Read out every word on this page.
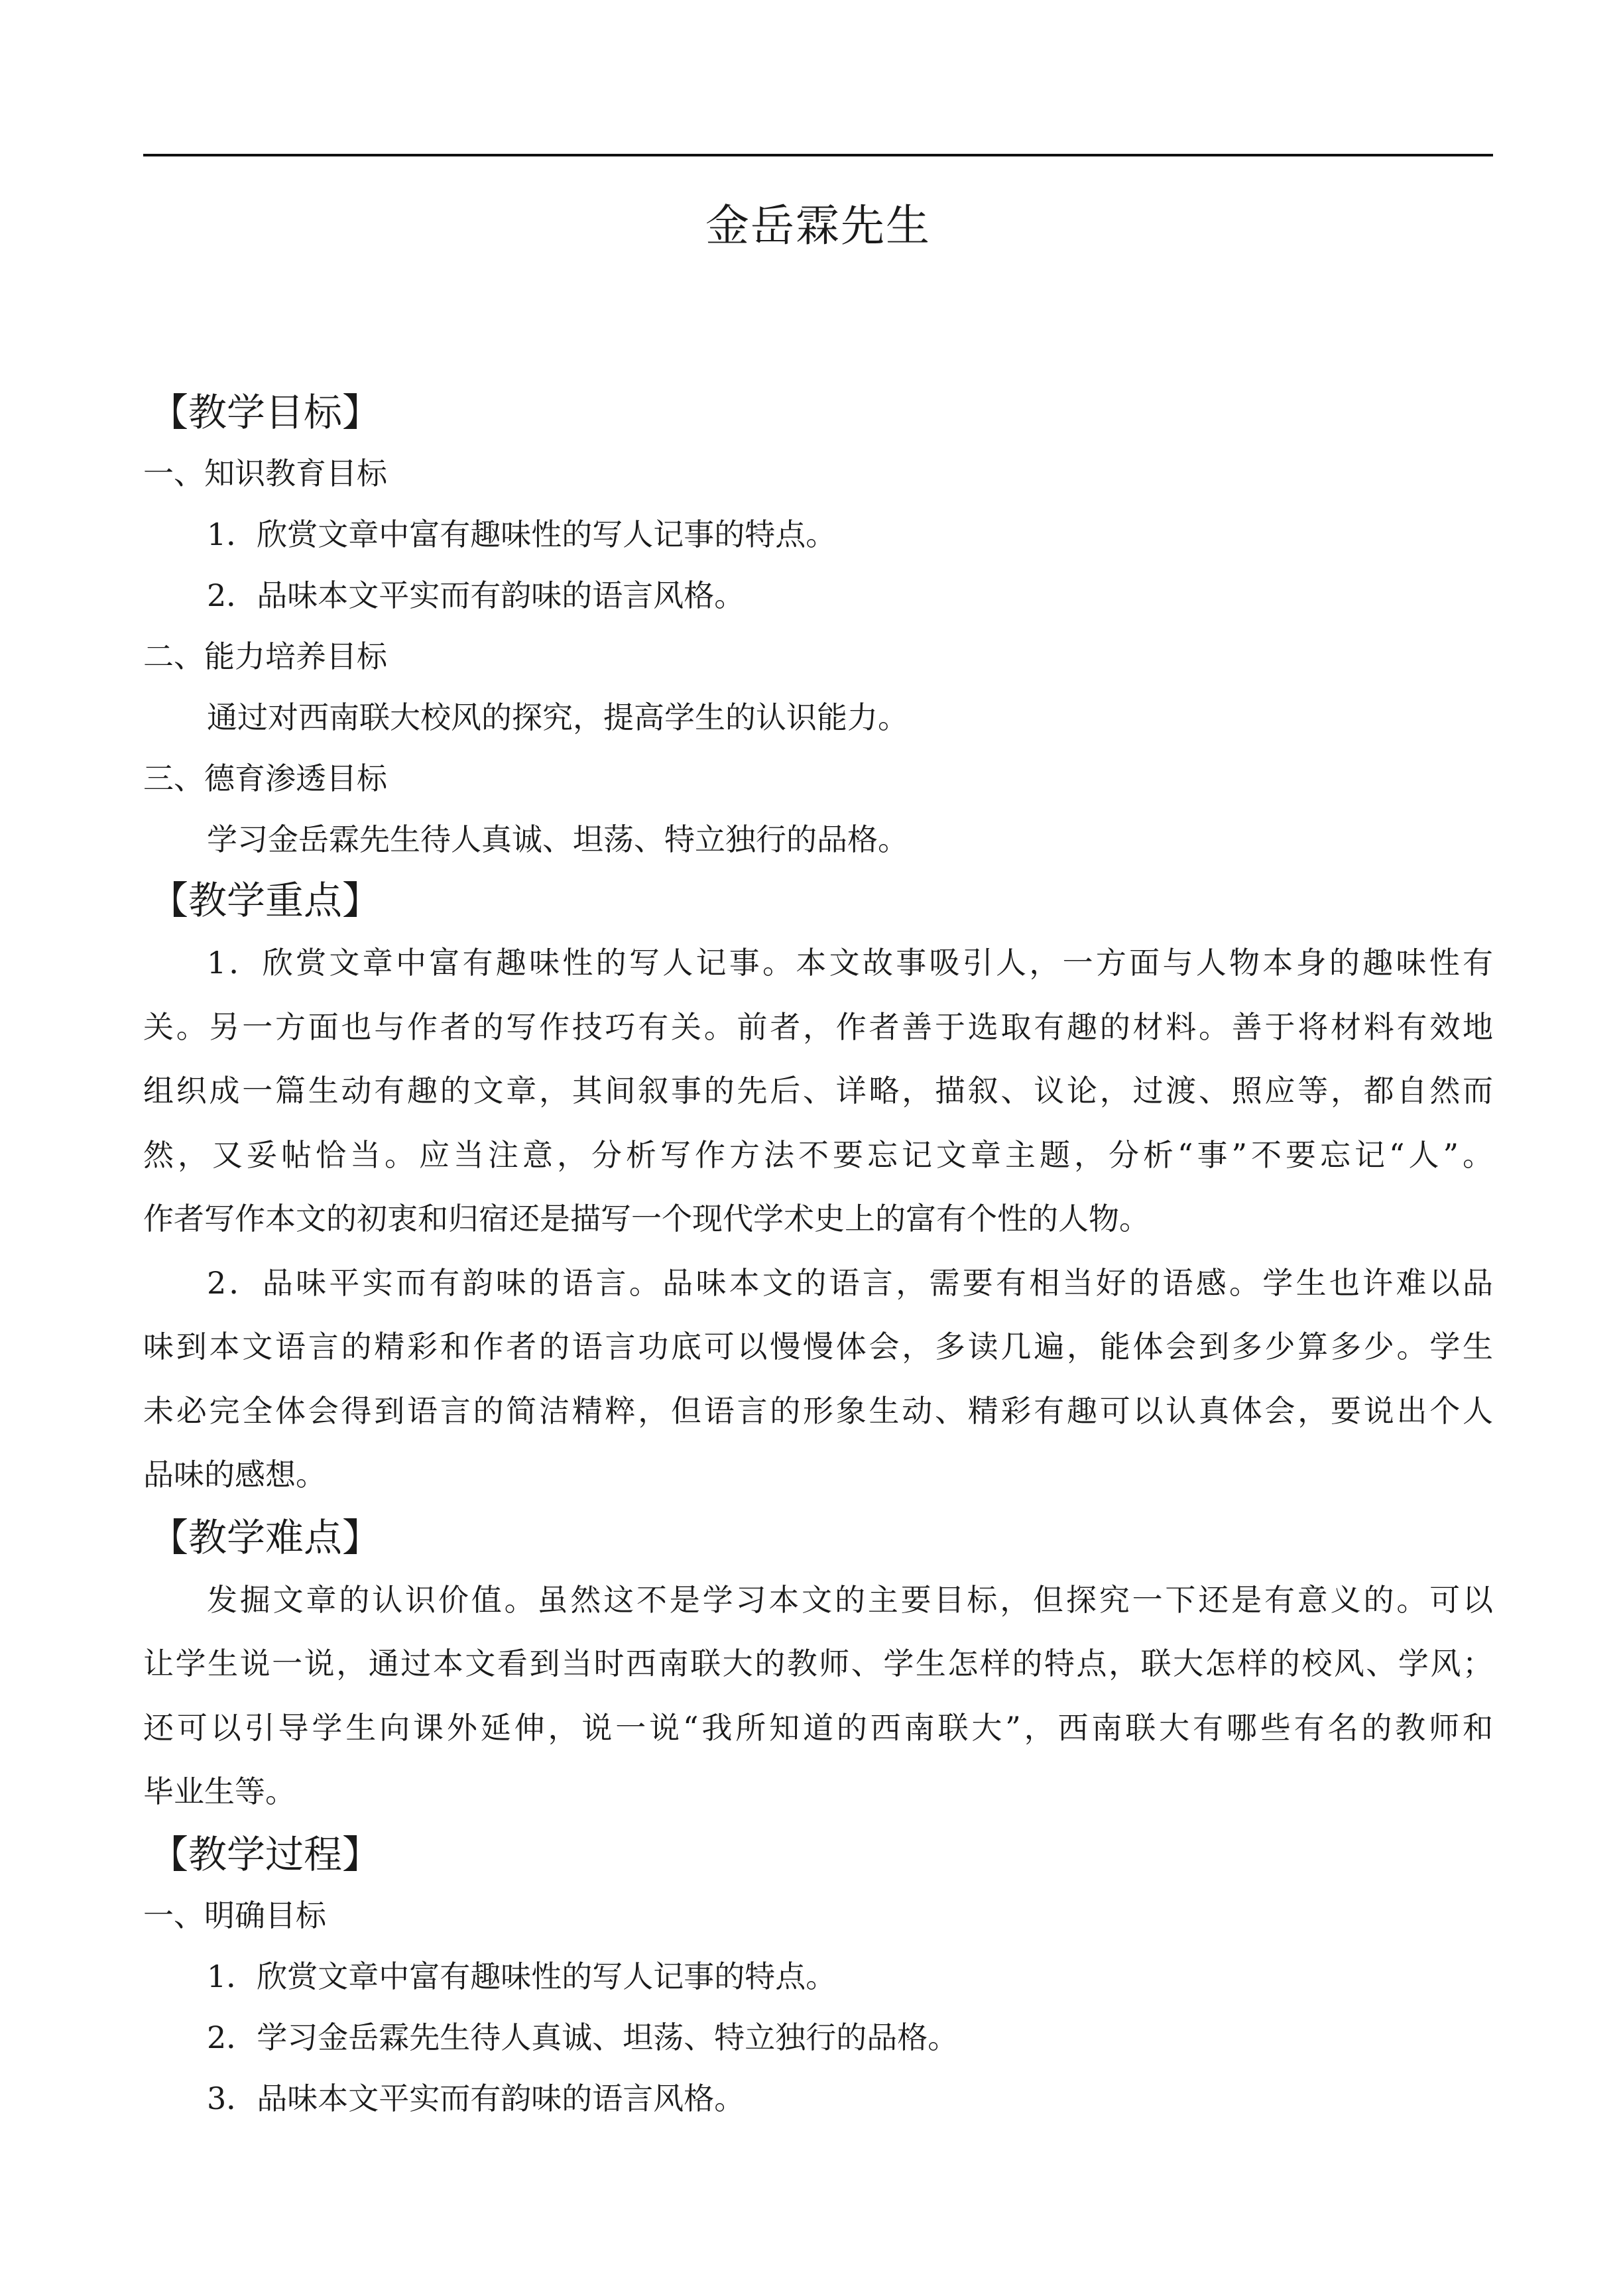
金岳霖先生
【教学目标】
一、知识教育目标
1．欣赏文章中富有趣味性的写人记事的特点。
2．品味本文平实而有韵味的语言风格。
二、能力培养目标
通过对西南联大校风的探究，提高学生的认识能力。
三、德育渗透目标
学习金岳霖先生待人真诚、坦荡、特立独行的品格。
【教学重点】
1．欣赏文章中富有趣味性的写人记事。本文故事吸引人，一方面与人物本身的趣味性有
关。另一方面也与作者的写作技巧有关。前者，作者善于选取有趣的材料。善于将材料有效地
组织成一篇生动有趣的文章，其间叙事的先后、详略，描叙、议论，过渡、照应等，都自然而
然，又妥帖恰当。应当注意，分析写作方法不要忘记文章主题，分析“事”不要忘记“人”。
作者写作本文的初衷和归宿还是描写一个现代学术史上的富有个性的人物。
2．品味平实而有韵味的语言。品味本文的语言，需要有相当好的语感。学生也许难以品
味到本文语言的精彩和作者的语言功底可以慢慢体会，多读几遍，能体会到多少算多少。学生
未必完全体会得到语言的简洁精粹，但语言的形象生动、精彩有趣可以认真体会，要说出个人
品味的感想。
【教学难点】
发掘文章的认识价值。虽然这不是学习本文的主要目标，但探究一下还是有意义的。可以
让学生说一说，通过本文看到当时西南联大的教师、学生怎样的特点，联大怎样的校风、学风；
还可以引导学生向课外延伸，说一说“我所知道的西南联大”，西南联大有哪些有名的教师和
毕业生等。
【教学过程】
一、明确目标
1．欣赏文章中富有趣味性的写人记事的特点。
2．学习金岳霖先生待人真诚、坦荡、特立独行的品格。
3．品味本文平实而有韵味的语言风格。
